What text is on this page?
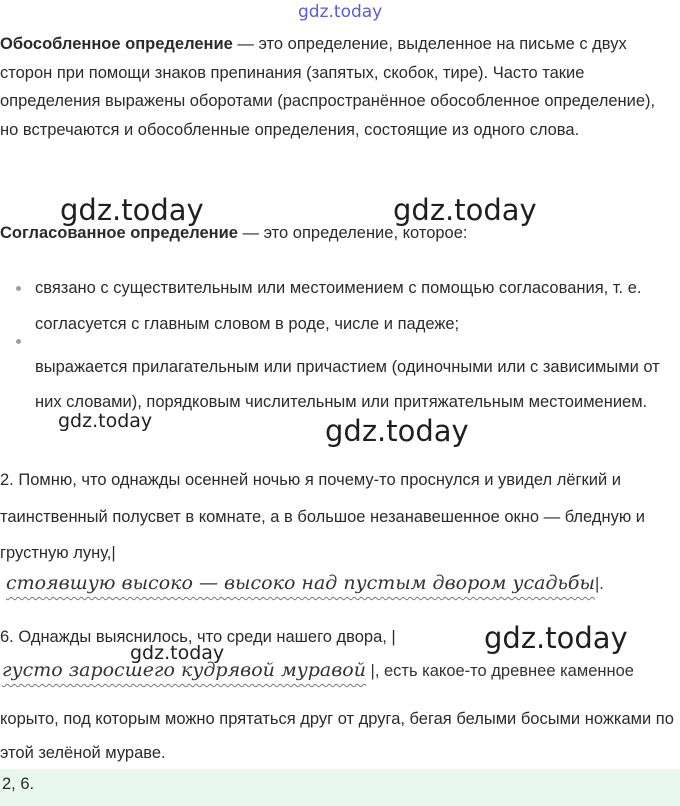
gdz.today
gdz.today	gdz.today
gdz.today	gdz.today
gdz.today
gdz.today

Обособленное определение — это определение, выделенное на письме с двух сторон при помощи знаков препинания (запятых, скобок, тире). Часто такие определения выражены оборотами (распространённое обособленное определение), но встречаются и обособленные определения, состоящие из одного слова.

Согласованное определение — это определение, которое:

связано с существительным или местоимением с помощью согласования, т. е. согласуется с главным словом в роде, числе и падеже;

выражается прилагательным или причастием (одиночными или с зависимыми от них словами), порядковым числительным или притяжательным местоимением.

2. Помню, что однажды осенней ночью я почему-то проснулся и увидел лёгкий и таинственный полусвет в комнате, а в большое незанавешенное окно — бледную и грустную луну,|

стоявшую высоко — высоко над пустым двором усадьбы|.

6. Однажды выяснилось, что среди нашего двора, |

густо заросшего кудрявой муравой |, есть какое-то древнее каменное

корыто, под которым можно прятаться друг от друга, бегая белыми босыми ножками по этой зелёной мураве.

2, 6.
